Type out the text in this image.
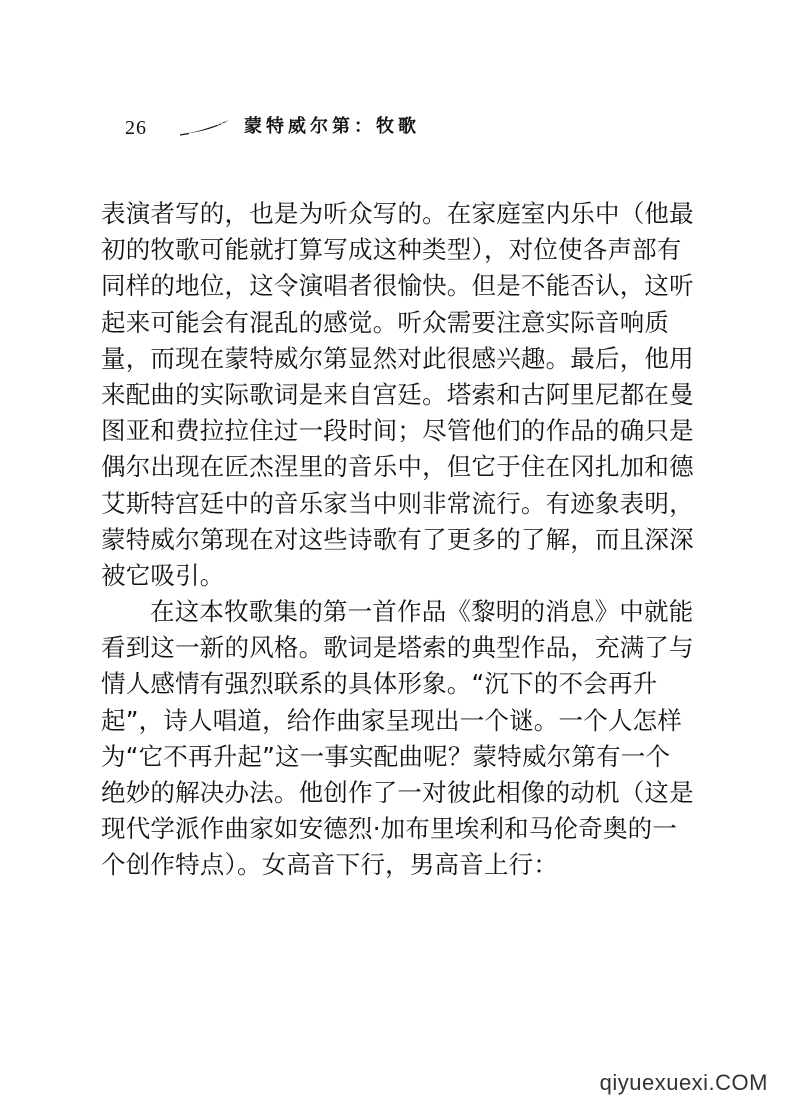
26	蒙特威尔第：牧歌
表演者写的，也是为听众写的。在家庭室内乐中（他最
初的牧歌可能就打算写成这种类型），对位使各声部有
同样的地位，这令演唱者很愉快。但是不能否认，这听
起来可能会有混乱的感觉。听众需要注意实际音响质
量，而现在蒙特威尔第显然对此很感兴趣。最后，他用
来配曲的实际歌词是来自宫廷。塔索和古阿里尼都在曼
图亚和费拉拉住过一段时间；尽管他们的作品的确只是
偶尔出现在匠杰涅里的音乐中，但它于住在冈扎加和德
艾斯特宫廷中的音乐家当中则非常流行。有迹象表明，
蒙特威尔第现在对这些诗歌有了更多的了解，而且深深
被它吸引。
在这本牧歌集的第一首作品《黎明的消息》中就能
看到这一新的风格。歌词是塔索的典型作品，充满了与
情人感情有强烈联系的具体形象。“沉下的不会再升
起”，诗人唱道，给作曲家呈现出一个谜。一个人怎样
为“它不再升起”这一事实配曲呢？蒙特威尔第有一个
绝妙的解决办法。他创作了一对彼此相像的动机（这是
现代学派作曲家如安德烈·加布里埃利和马伦奇奥的一
个创作特点）。女高音下行，男高音上行：
qiyuexuexi.COM
